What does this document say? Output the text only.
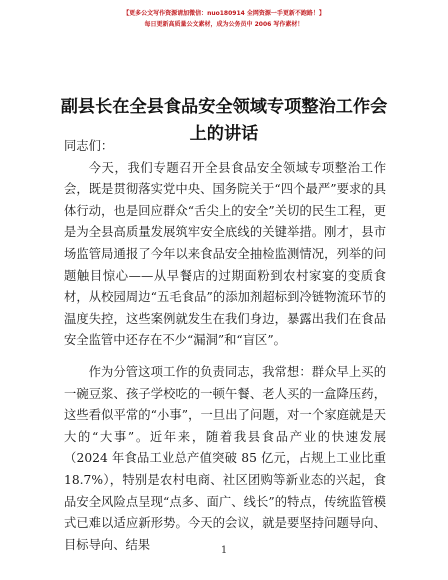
【更多公文写作资源请加微信：nuo180914 全网资源一手更新不跑路！】
每日更新高质量公文素材，成为公务员中 2006 写作素材！
副县长在全县食品安全领域专项整治工作会上的讲话

同志们：

今天，我们专题召开全县食品安全领域专项整治工作会，既是贯彻落实党中央、国务院关于“四个最严”要求的具体行动，也是回应群众“舌尖上的安全”关切的民生工程，更是为全县高质量发展筑牢安全底线的关键举措。刚才，县市场监管局通报了今年以来食品安全抽检监测情况，列举的问题触目惊心——从早餐店的过期面粉到农村家宴的变质食材，从校园周边“五毛食品”的添加剂超标到冷链物流环节的温度失控，这些案例就发生在我们身边，暴露出我们在食品安全监管中还存在不少“漏洞”和“盲区”。

作为分管这项工作的负责同志，我常想：群众早上买的一碗豆浆、孩子学校吃的一顿午餐、老人买的一盒降压药，这些看似平常的“小事”，一旦出了问题，对一个家庭就是天大的“大事”。近年来，随着我县食品产业的快速发展（2024 年食品工业总产值突破 85 亿元，占规上工业比重 18.7%），特别是农村电商、社区团购等新业态的兴起，食品安全风险点呈现“点多、面广、线长”的特点，传统监管模式已难以适应新形势。今天的会议，就是要坚持问题导向、目标导向、结果	1
